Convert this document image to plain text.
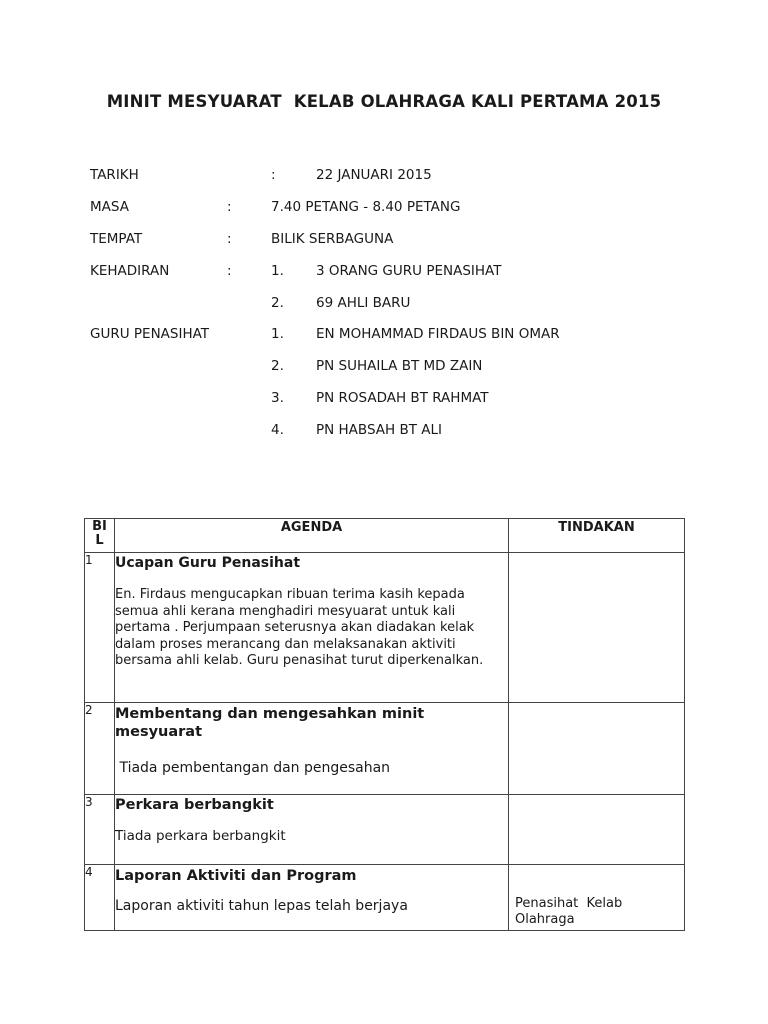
MINIT MESYUARAT  KELAB OLAHRAGA KALI PERTAMA 2015
TARIKH	:	22 JANUARI 2015
MASA	:	7.40 PETANG - 8.40 PETANG
TEMPAT	:	BILIK SERBAGUNA
KEHADIRAN	:	1. 3 ORANG GURU PENASIHAT
2. 69 AHLI BARU
GURU PENASIHAT	1. EN MOHAMMAD FIRDAUS BIN OMAR
2. PN SUHAILA BT MD ZAIN
3. PN ROSADAH BT RAHMAT
4. PN HABSAH BT ALI
BI
L	AGENDA	TINDAKAN
1	Ucapan Guru Penasihat
En. Firdaus mengucapkan ribuan terima kasih kepada semua ahli kerana menghadiri mesyuarat untuk kali pertama . Perjumpaan seterusnya akan diadakan kelak dalam proses merancang dan melaksanakan aktiviti bersama ahli kelab. Guru penasihat turut diperkenalkan.	

2	Membentang dan mengesahkan minit mesyuarat
Tiada pembentangan dan pengesahan	

3	Perkara berbangkit
Tiada perkara berbangkit	

4	Laporan Aktiviti dan Program
Laporan aktiviti tahun lepas telah berjaya	Penasihat  Kelab Olahraga
